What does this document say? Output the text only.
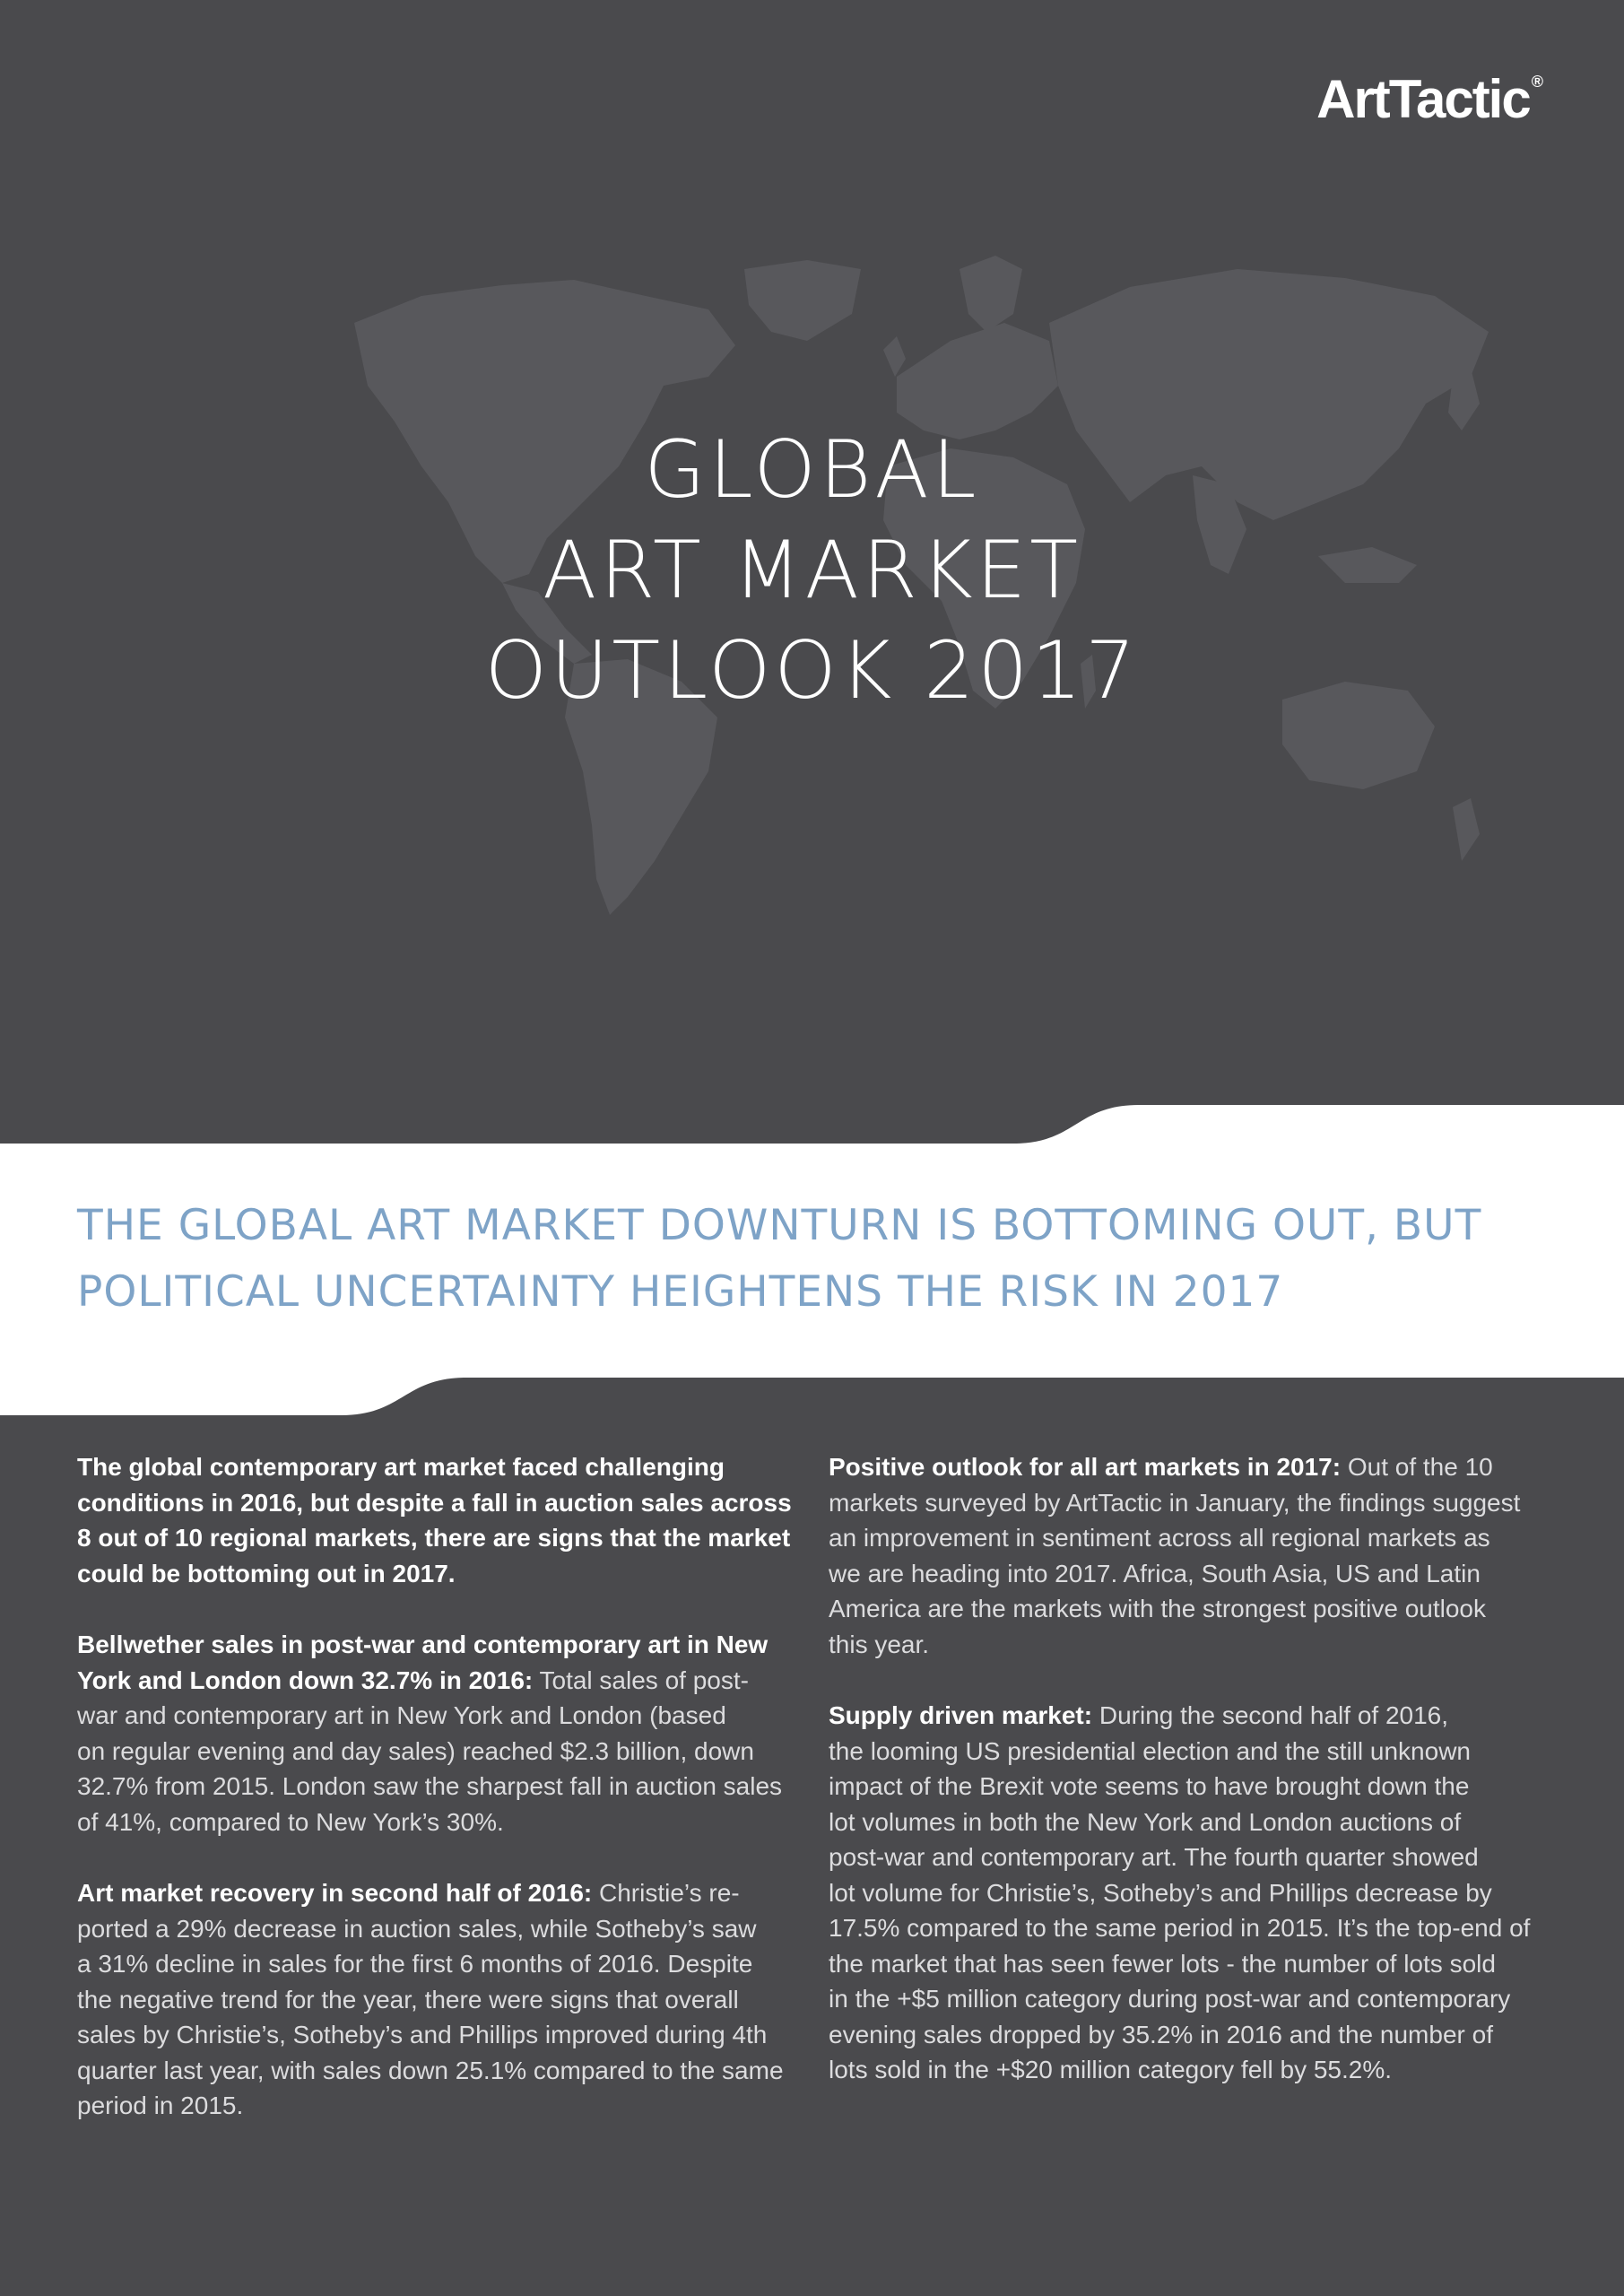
ArtTactic ®
GLOBAL
ART MARKET
OUTLOOK 2017
THE GLOBAL ART MARKET DOWNTURN IS BOTTOMING OUT, BUT
POLITICAL UNCERTAINTY HEIGHTENS THE RISK IN 2017
The global contemporary art market faced challenging
conditions in 2016, but despite a fall in auction sales across
8 out of 10 regional markets, there are signs that the market
could be bottoming out in 2017.
Bellwether sales in post-war and contemporary art in New
York and London down 32.7% in 2016: Total sales of post-
war and contemporary art in New York and London (based
on regular evening and day sales) reached $2.3 billion, down
32.7% from 2015. London saw the sharpest fall in auction sales
of 41%, compared to New York’s 30%.
Art market recovery in second half of 2016: Christie’s re-
ported a 29% decrease in auction sales, while Sotheby’s saw
a 31% decline in sales for the first 6 months of 2016. Despite
the negative trend for the year, there were signs that overall
sales by Christie’s, Sotheby’s and Phillips improved during 4th
quarter last year, with sales down 25.1% compared to the same
period in 2015.
Positive outlook for all art markets in 2017: Out of the 10
markets surveyed by ArtTactic in January, the findings suggest
an improvement in sentiment across all regional markets as
we are heading into 2017. Africa, South Asia, US and Latin
America are the markets with the strongest positive outlook
this year.
Supply driven market: During the second half of 2016,
the looming US presidential election and the still unknown
impact of the Brexit vote seems to have brought down the
lot volumes in both the New York and London auctions of
post-war and contemporary art. The fourth quarter showed
lot volume for Christie’s, Sotheby’s and Phillips decrease by
17.5% compared to the same period in 2015. It’s the top-end of
the market that has seen fewer lots - the number of lots sold
in the +$5 million category during post-war and contemporary
evening sales dropped by 35.2% in 2016 and the number of
lots sold in the +$20 million category fell by 55.2%.
